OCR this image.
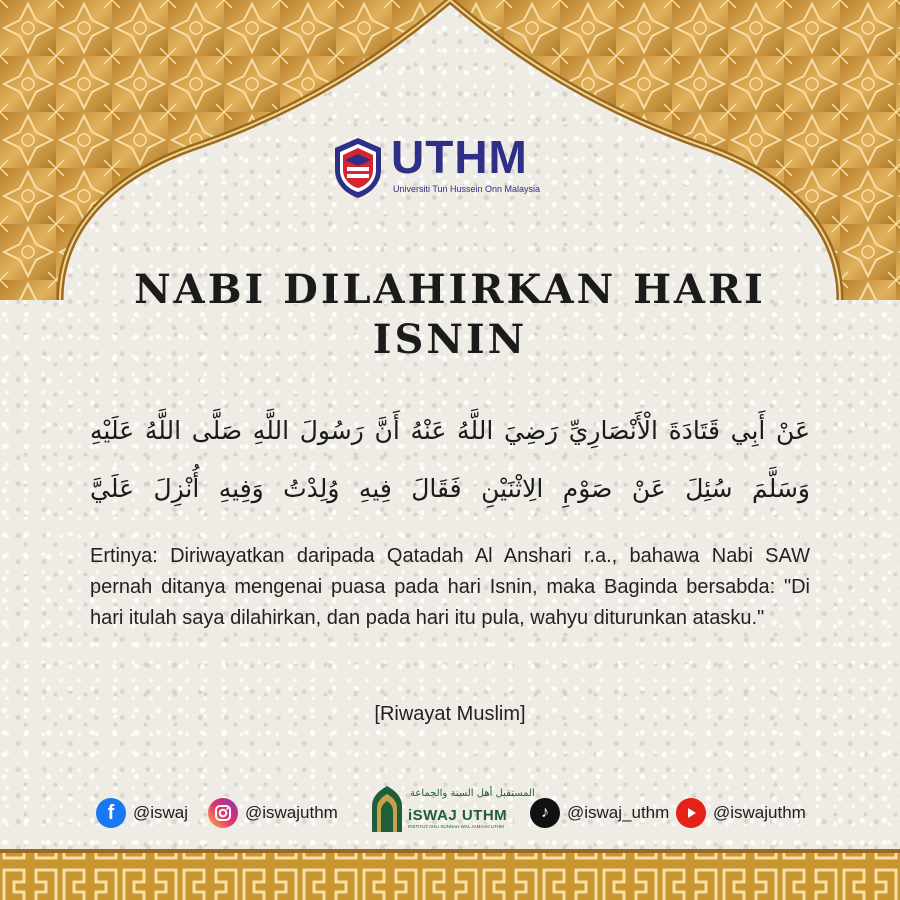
UTHM
Universiti Tun Hussein Onn Malaysia
NABI DILAHIRKAN HARI
ISNIN
عَنْ أَبِي قَتَادَةَ الْأَنْصَارِيِّ رَضِيَ اللَّهُ عَنْهُ أَنَّ رَسُولَ اللَّهِ صَلَّى اللَّهُ عَلَيْهِ وَسَلَّمَ سُئِلَ عَنْ صَوْمِ الِاثْنَيْنِ فَقَالَ فِيهِ وُلِدْتُ وَفِيهِ أُنْزِلَ عَلَيَّ
Ertinya: Diriwayatkan daripada Qatadah Al Anshari r.a., bahawa Nabi SAW pernah ditanya mengenai puasa pada hari Isnin, maka Baginda bersabda: "Di hari itulah saya dilahirkan, dan pada hari itu pula, wahyu diturunkan atasku."
[Riwayat Muslim]
f	@iswaj	@iswajuthm
المستقبل أهل السنة والجماعة
iSWAJ UTHM
INSTITUT AHLI SUNNAH WAL JAMAAH UTHM
♪	@iswaj_uthm	@iswajuthm
